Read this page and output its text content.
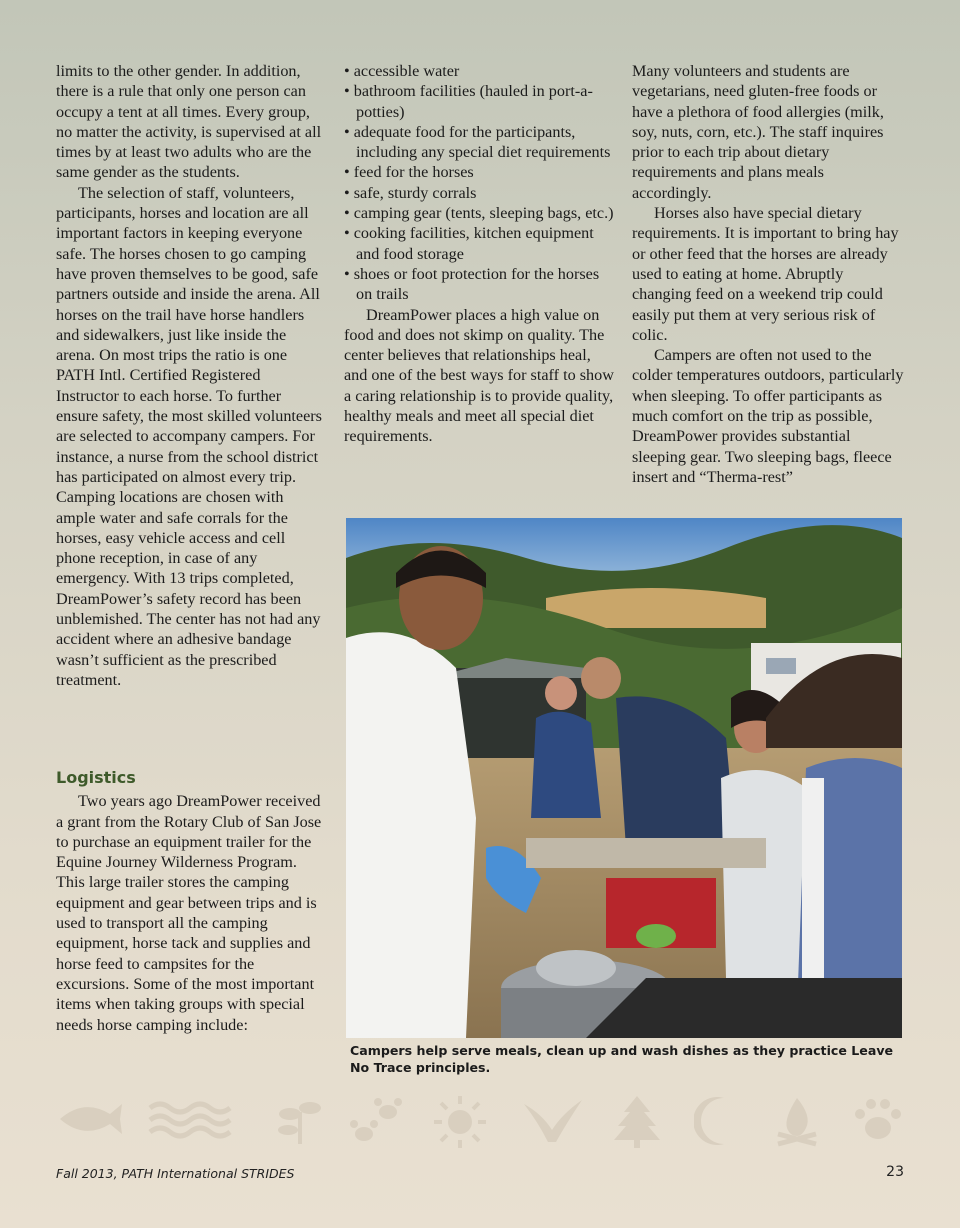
limits to the other gender. In addition, there is a rule that only one person can occupy a tent at all times. Every group, no matter the activity, is supervised at all times by at least two adults who are the same gender as the students.

The selection of staff, volunteers, participants, horses and location are all important factors in keeping everyone safe. The horses chosen to go camping have proven themselves to be good, safe partners outside and inside the arena. All horses on the trail have horse handlers and sidewalkers, just like inside the arena. On most trips the ratio is one PATH Intl. Certified Registered Instructor to each horse. To further ensure safety, the most skilled volunteers are selected to accompany campers. For instance, a nurse from the school district has participated on almost every trip. Camping locations are chosen with ample water and safe corrals for the horses, easy vehicle access and cell phone reception, in case of any emergency. With 13 trips completed, DreamPower’s safety record has been unblemished. The center has not had any accident where an adhesive bandage wasn’t sufficient as the prescribed treatment.

Logistics

Two years ago DreamPower received a grant from the Rotary Club of San Jose to purchase an equipment trailer for the Equine Journey Wilderness Program. This large trailer stores the camping equipment and gear between trips and is used to transport all the camping equipment, horse tack and supplies and horse feed to campsites for the excursions. Some of the most important items when taking groups with special needs horse camping include:

• accessible water
• bathroom facilities (hauled in port-a-potties)
• adequate food for the participants, including any special diet requirements
• feed for the horses
• safe, sturdy corrals
• camping gear (tents, sleeping bags, etc.)
• cooking facilities, kitchen equipment and food storage
• shoes or foot protection for the horses on trails

DreamPower places a high value on food and does not skimp on quality. The center believes that relationships heal, and one of the best ways for staff to show a caring relationship is to provide quality, healthy meals and meet all special diet requirements.

Many volunteers and students are vegetarians, need gluten-free foods or have a plethora of food allergies (milk, soy, nuts, corn, etc.). The staff inquires prior to each trip about dietary requirements and plans meals accordingly.

Horses also have special dietary requirements. It is important to bring hay or other feed that the horses are already used to eating at home. Abruptly changing feed on a weekend trip could easily put them at very serious risk of colic.

Campers are often not used to the colder temperatures outdoors, particularly when sleeping. To offer participants as much comfort on the trip as possible, DreamPower provides substantial sleeping gear. Two sleeping bags, fleece insert and “Therma-rest”

Campers help serve meals, clean up and wash dishes as they practice Leave No Trace principles.
Fall 2013, PATH International STRIDES	23
